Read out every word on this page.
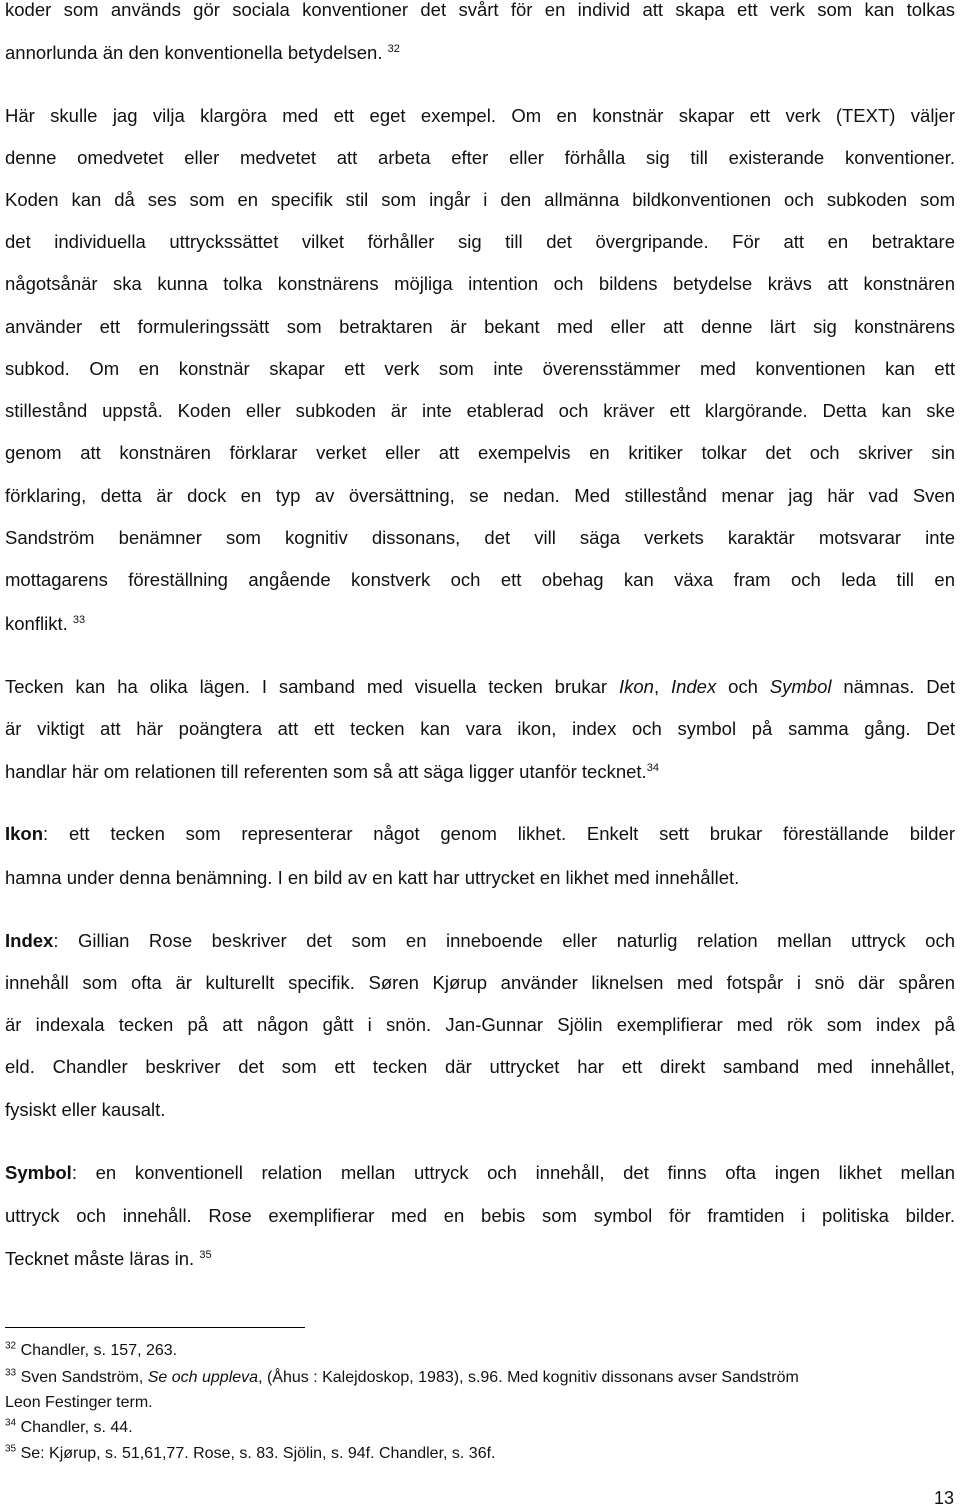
koder som används gör sociala konventioner det svårt för en individ att skapa ett verk som kan tolkas
annorlunda än den konventionella betydelsen. $^{32}$
Här skulle jag vilja klargöra med ett eget exempel. Om en konstnär skapar ett verk (TEXT) väljer
denne omedvetet eller medvetet att arbeta efter eller förhålla sig till existerande konventioner.
Koden kan då ses som en specifik stil som ingår i den allmänna bildkonventionen och subkoden som
det individuella uttryckssättet vilket förhåller sig till det övergripande. För att en betraktare
någotsånär ska kunna tolka konstnärens möjliga intention och bildens betydelse krävs att konstnären
använder ett formuleringssätt som betraktaren är bekant med eller att denne lärt sig konstnärens
subkod. Om en konstnär skapar ett verk som inte överensstämmer med konventionen kan ett
stillestånd uppstå. Koden eller subkoden är inte etablerad och kräver ett klargörande. Detta kan ske
genom att konstnären förklarar verket eller att exempelvis en kritiker tolkar det och skriver sin
förklaring, detta är dock en typ av översättning, se nedan. Med stillestånd menar jag här vad Sven
Sandström benämner som kognitiv dissonans, det vill säga verkets karaktär motsvarar inte
mottagarens föreställning angående konstverk och ett obehag kan växa fram och leda till en
konflikt. $^{33}$
Tecken kan ha olika lägen. I samband med visuella tecken brukar Ikon, Index och Symbol nämnas. Det
är viktigt att här poängtera att ett tecken kan vara ikon, index och symbol på samma gång. Det
handlar här om relationen till referenten som så att säga ligger utanför tecknet.$^{34}$
Ikon: ett tecken som representerar något genom likhet. Enkelt sett brukar föreställande bilder
hamna under denna benämning. I en bild av en katt har uttrycket en likhet med innehållet.
Index: Gillian Rose beskriver det som en inneboende eller naturlig relation mellan uttryck och
innehåll som ofta är kulturellt specifik. Søren Kjørup använder liknelsen med fotspår i snö där spåren
är indexala tecken på att någon gått i snön. Jan-Gunnar Sjölin exemplifierar med rök som index på
eld. Chandler beskriver det som ett tecken där uttrycket har ett direkt samband med innehållet,
fysiskt eller kausalt.
Symbol: en konventionell relation mellan uttryck och innehåll, det finns ofta ingen likhet mellan
uttryck och innehåll. Rose exemplifierar med en bebis som symbol för framtiden i politiska bilder.
Tecknet måste läras in. $^{35}$
$^{32}$ Chandler, s. 157, 263.
$^{33}$ Sven Sandström, Se och uppleva, (Åhus : Kalejdoskop, 1983), s.96. Med kognitiv dissonans avser Sandström
Leon Festinger term.
$^{34}$ Chandler, s. 44.
$^{35}$ Se: Kjørup, s. 51,61,77. Rose, s. 83. Sjölin, s. 94f. Chandler, s. 36f.
13
